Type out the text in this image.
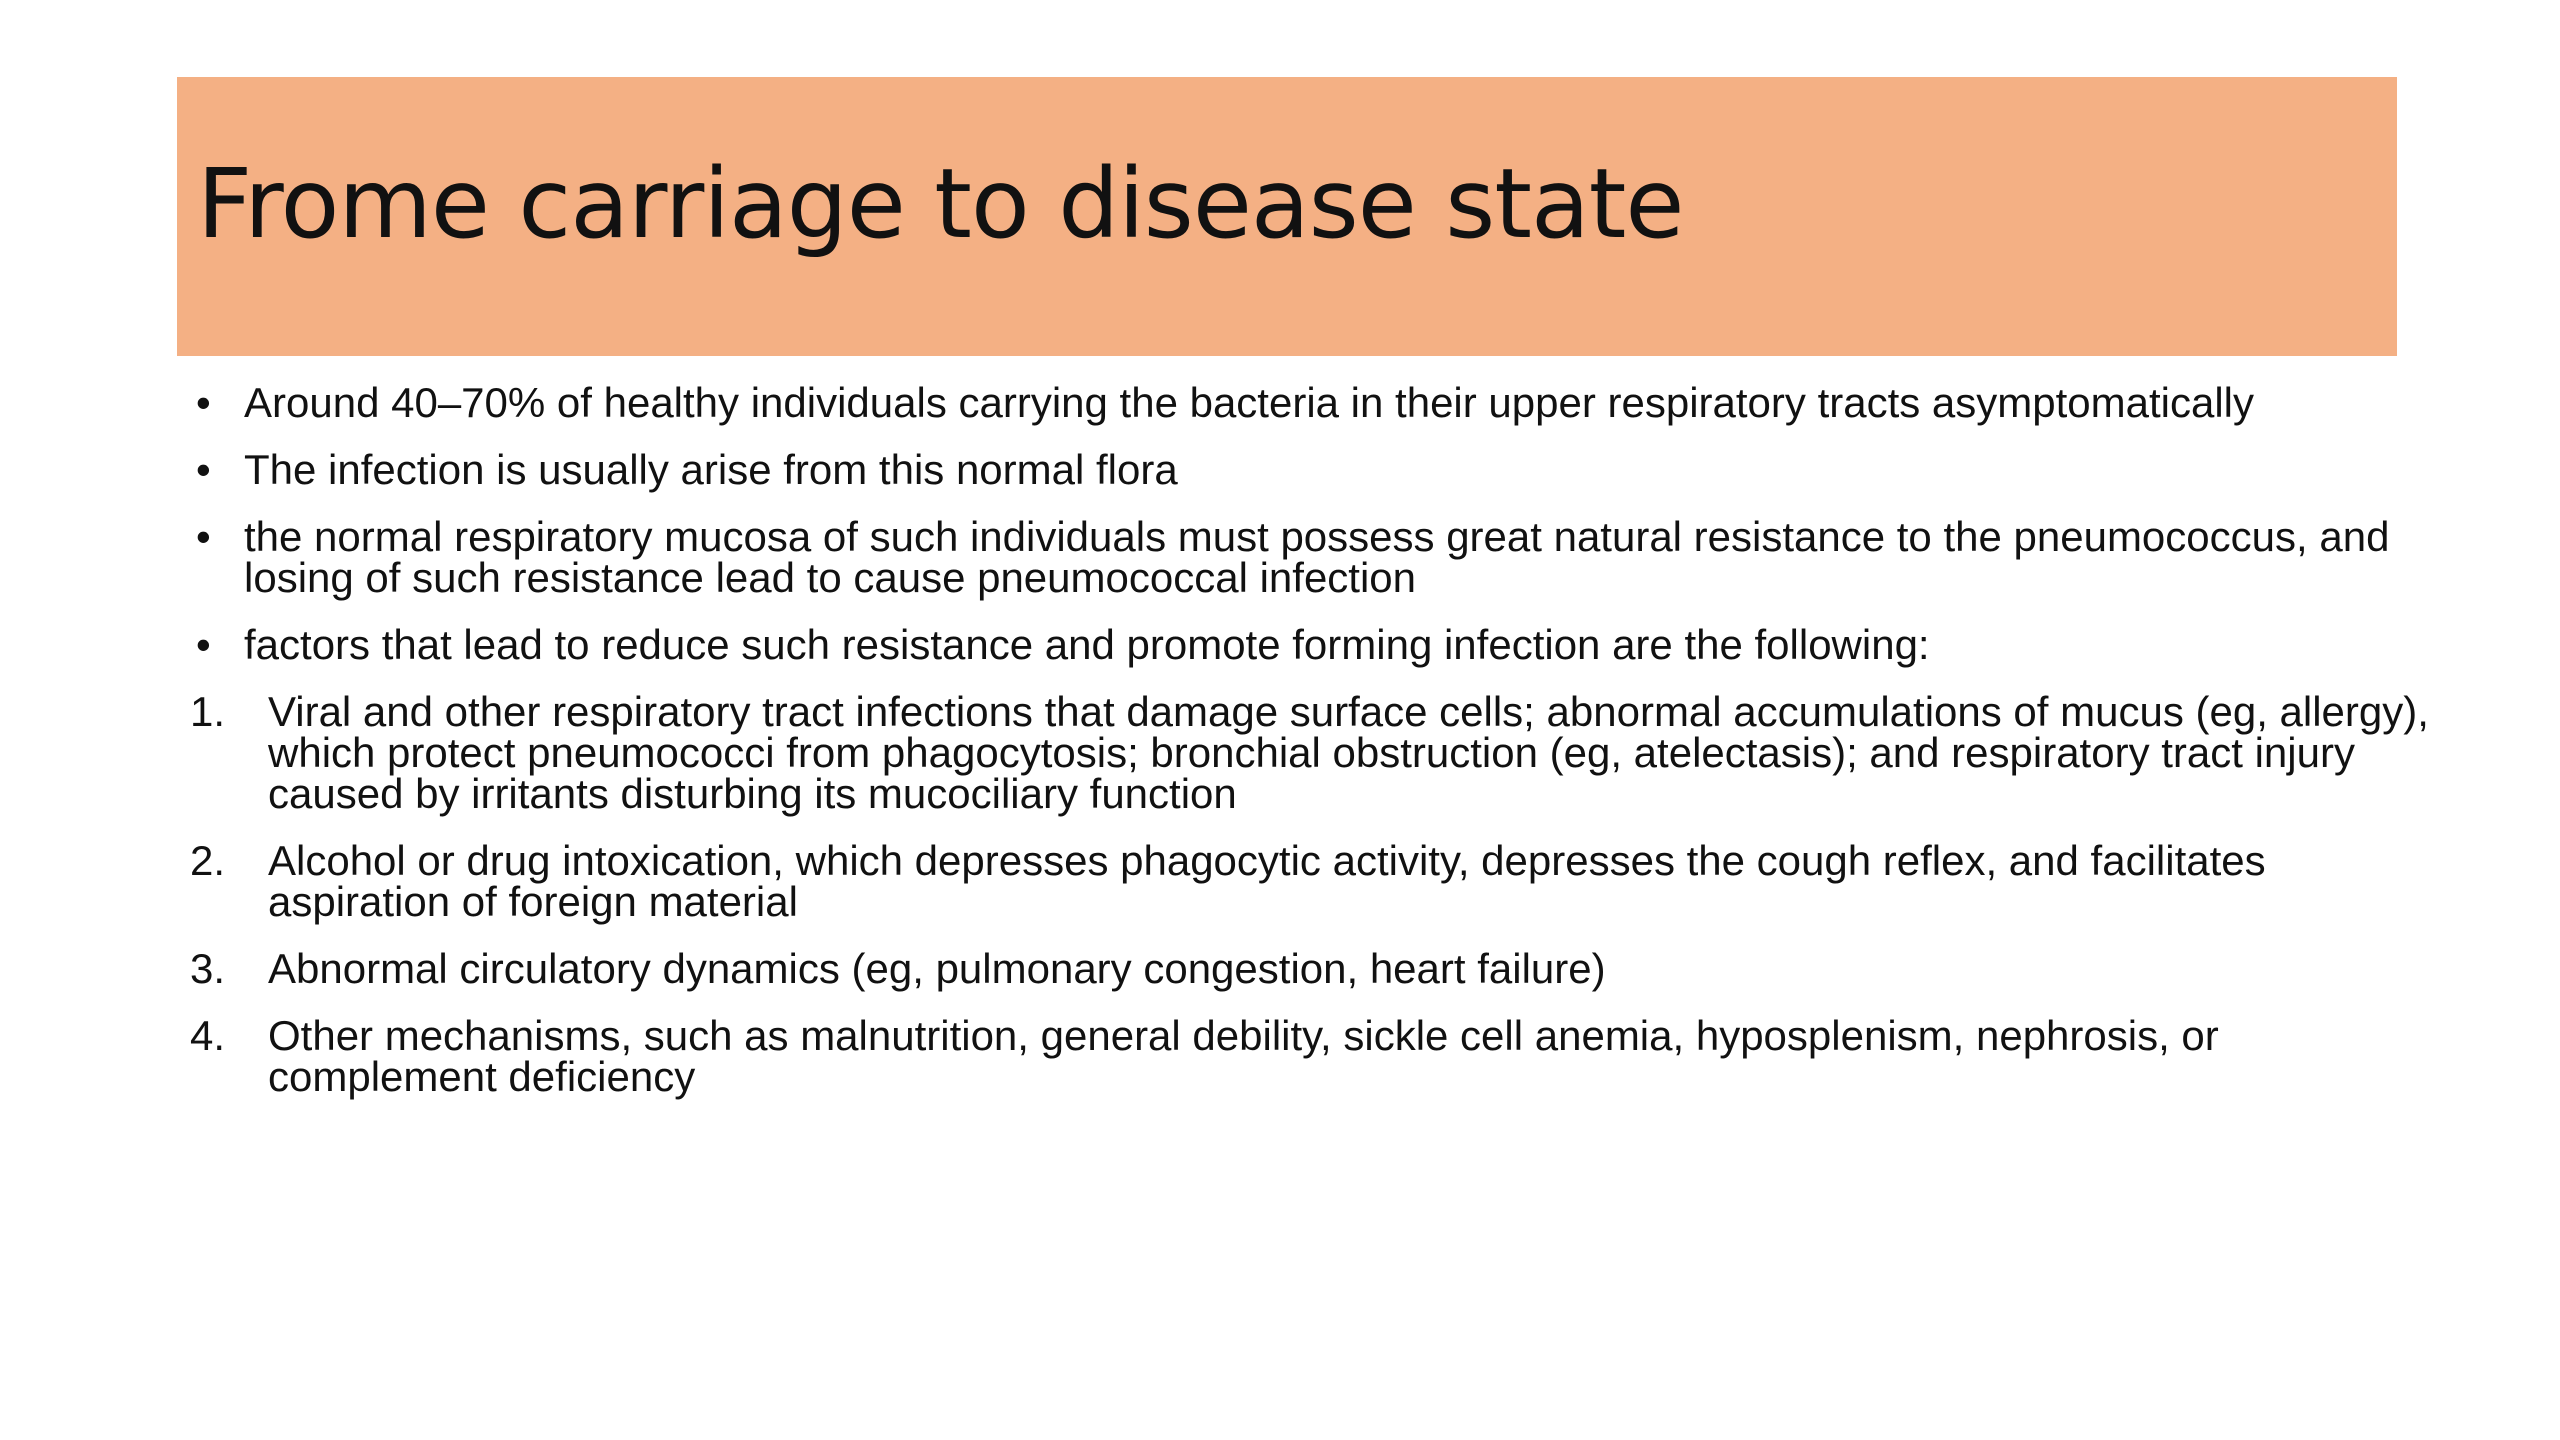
Frome carriage to disease state
• Around 40–70% of healthy individuals carrying the bacteria in their upper respiratory tracts asymptomatically
• The infection is usually arise from this normal flora
• the normal respiratory mucosa of such individuals must possess great natural resistance to the pneumococcus, and losing of such resistance lead to cause pneumococcal infection
• factors that lead to reduce such resistance and promote forming infection are the following:
1. Viral and other respiratory tract infections that damage surface cells; abnormal accumulations of mucus (eg, allergy), which protect pneumococci from phagocytosis; bronchial obstruction (eg, atelectasis); and respiratory tract injury caused by irritants disturbing its mucociliary function
2. Alcohol or drug intoxication, which depresses phagocytic activity, depresses the cough reflex, and facilitates aspiration of foreign material
3. Abnormal circulatory dynamics (eg, pulmonary congestion, heart failure)
4. Other mechanisms, such as malnutrition, general debility, sickle cell anemia, hyposplenism, nephrosis, or complement deficiency
